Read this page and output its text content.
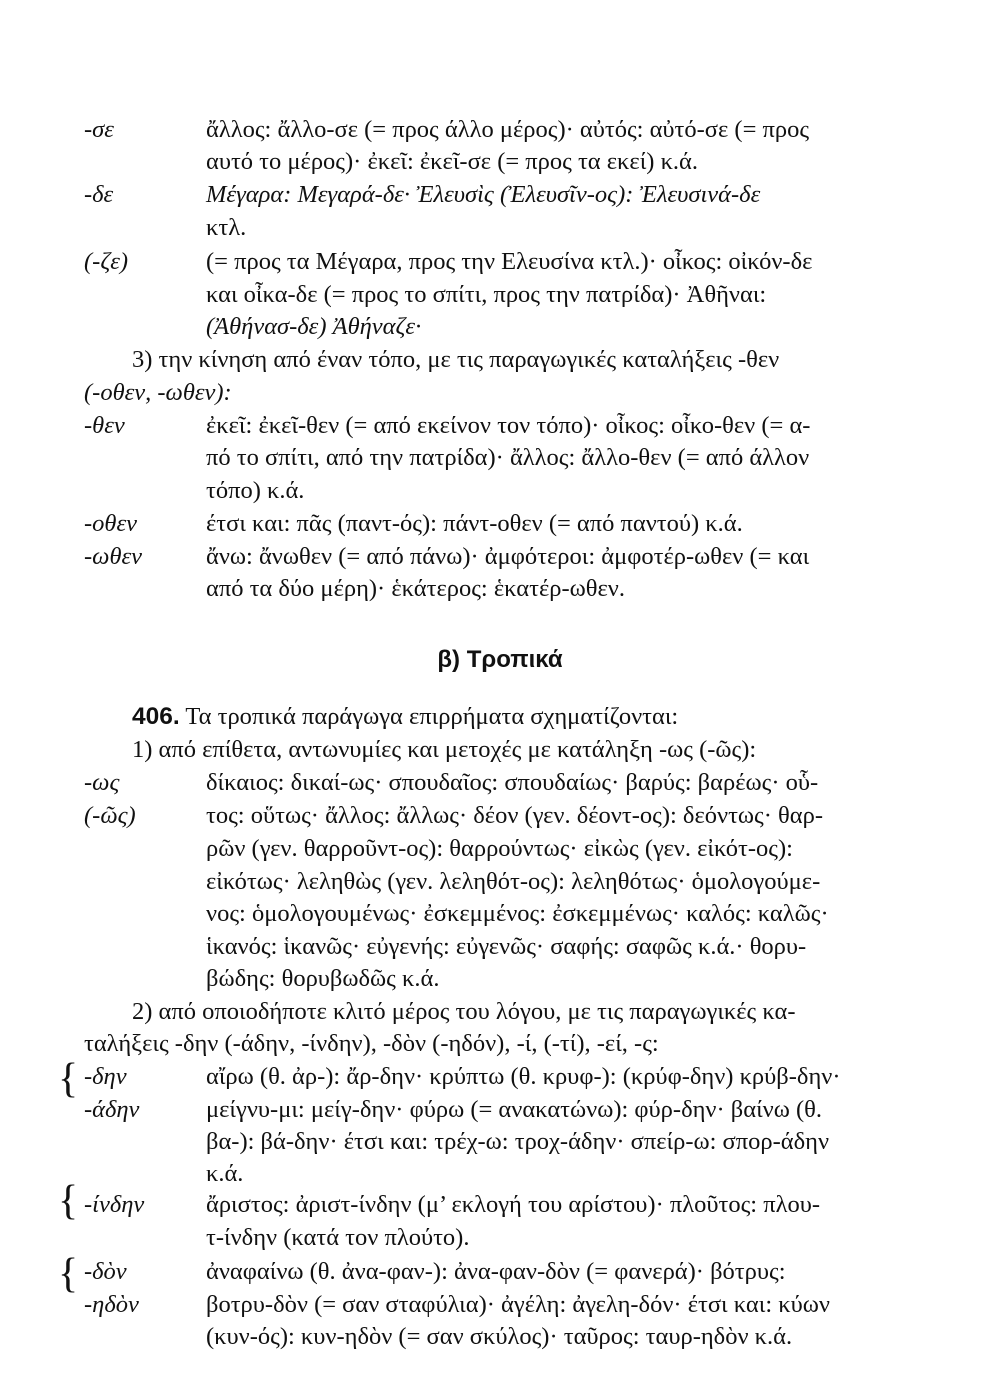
-σε	ἄλλος: ἄλλο-σε (= προς άλλο μέρος)· αὐτός: αὐτό-σε (= προς
αυτό το μέρος)· ἐκεῖ: ἐκεῖ-σε (= προς τα εκεί) κ.ά.
-δε	Μέγαρα: Μεγαρά-δε· Ἐλευσὶς (Ἐλευσῖν-ος): Ἐλευσινά-δε
κτλ.
(-ζε)	(= προς τα Μέγαρα, προς την Ελευσίνα κτλ.)· οἶκος: οἰκόν-δε
και οἶκα-δε (= προς το σπίτι, προς την πατρίδα)· Ἀθῆναι:
(Ἀθήνασ-δε) Ἀθήναζε·
3) την κίνηση από έναν τόπο, με τις παραγωγικές καταλήξεις -θεν
(-οθεν, -ωθεν):
-θεν	ἐκεῖ: ἐκεῖ-θεν (= από εκείνον τον τόπο)· οἶκος: οἶκο-θεν (= α-
πό το σπίτι, από την πατρίδα)· ἄλλος: ἄλλο-θεν (= από άλλον
τόπο) κ.ά.
-οθεν	έτσι και: πᾶς (παντ-ός): πάντ-οθεν (= από παντού) κ.ά.
-ωθεν	ἄνω: ἄνωθεν (= από πάνω)· ἀμφότεροι: ἀμφοτέρ-ωθεν (= και
από τα δύο μέρη)· ἑκάτερος: ἑκατέρ-ωθεν.
β) Τροπικά
406. Τα τροπικά παράγωγα επιρρήματα σχηματίζονται:
1) από επίθετα, αντωνυμίες και μετοχές με κατάληξη -ως (-ῶς):
-ως	δίκαιος: δικαί-ως· σπουδαῖος: σπουδαίως· βαρύς: βαρέως· οὗ-
(-ῶς)	τος: οὕτως· ἄλλος: ἄλλως· δέον (γεν. δέοντ-ος): δεόντως· θαρ-
ρῶν (γεν. θαρροῦντ-ος): θαρρούντως· εἰκὼς (γεν. εἰκότ-ος):
εἰκότως· λεληθὼς (γεν. λεληθότ-ος): λεληθότως· ὁμολογούμε-
νος: ὁμολογουμένως· ἐσκεμμένος: ἐσκεμμένως· καλός: καλῶς·
ἱκανός: ἱκανῶς· εὐγενής: εὐγενῶς· σαφής: σαφῶς κ.ά.· θορυ-
βώδης: θορυβωδῶς κ.ά.
2) από οποιοδήποτε κλιτό μέρος του λόγου, με τις παραγωγικές κα-
ταλήξεις -δην (-άδην, -ίνδην), -δὸν (-ηδόν), -ί, (-τί), -εί, -ς:
{ -δην	αἴρω (θ. ἀρ-): ἄρ-δην· κρύπτω (θ. κρυφ-): (κρύφ-δην) κρύβ-δην·
-άδην	μείγνυ-μι: μείγ-δην· φύρω (= ανακατώνω): φύρ-δην· βαίνω (θ.
βα-): βά-δην· έτσι και: τρέχ-ω: τροχ-άδην· σπείρ-ω: σπορ-άδην
κ.ά.
{ -ίνδην	ἄριστος: ἀριστ-ίνδην (μ’ εκλογή του αρίστου)· πλοῦτος: πλου-
τ-ίνδην (κατά τον πλούτο).
{ -δὸν	ἀναφαίνω (θ. ἀνα-φαν-): ἀνα-φαν-δὸν (= φανερά)· βότρυς:
-ηδὸν	βοτρυ-δὸν (= σαν σταφύλια)· ἀγέλη: ἀγελη-δόν· έτσι και: κύων
(κυν-ός): κυν-ηδὸν (= σαν σκύλος)· ταῦρος: ταυρ-ηδὸν κ.ά.
